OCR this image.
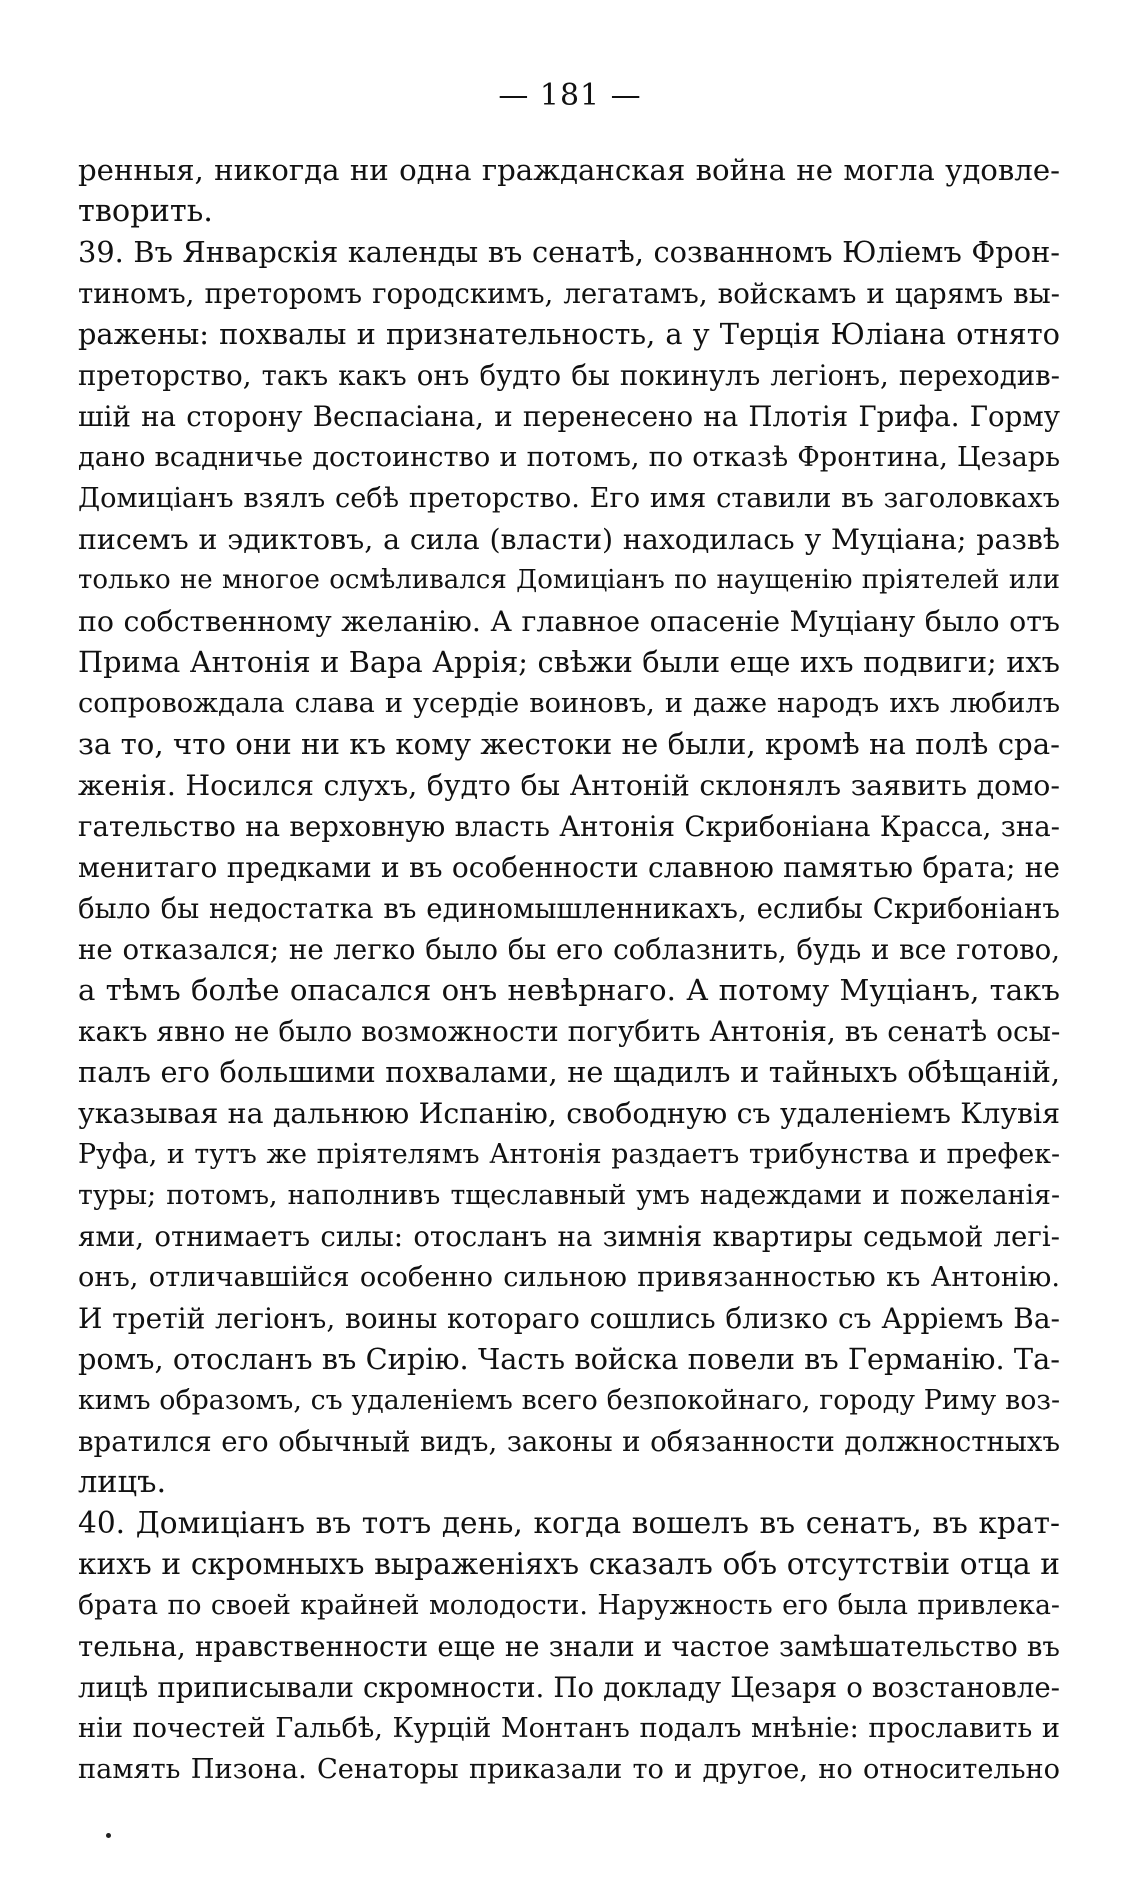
— 181 —
ренныя, никогда ни одна гражданская война не могла удовле-
творить.
39. Въ Январскія календы въ сенатѣ, созванномъ Юліемъ Фрон-
тиномъ, преторомъ городскимъ, легатамъ, войскамъ и царямъ вы-
ражены: похвалы и признательность, а у Терція Юліана отнято
преторство, такъ какъ онъ будто бы покинулъ легіонъ, переходив-
шій на сторону Веспасіана, и перенесено на Плотія Грифа. Горму
дано всадничье достоинство и потомъ, по отказѣ Фронтина, Цезарь
Домиціанъ взялъ себѣ преторство. Его имя ставили въ заголовкахъ
писемъ и эдиктовъ, а сила (власти) находилась у Муціана; развѣ
только не многое осмѣливался Домиціанъ по наущенію пріятелей или
по собственному желанію. А главное опасеніе Муціану было отъ
Прима Антонія и Вара Аррія; свѣжи были еще ихъ подвиги; ихъ
сопровождала слава и усердіе воиновъ, и даже народъ ихъ любилъ
за то, что они ни къ кому жестоки не были, кромѣ на полѣ сра-
женія. Носился слухъ, будто бы Антоній склонялъ заявить домо-
гательство на верховную власть Антонія Скрибоніана Красса, зна-
менитаго предками и въ особенности славною памятью брата; не
было бы недостатка въ единомышленникахъ, еслибы Скрибоніанъ
не отказался; не легко было бы его соблазнить, будь и все готово,
а тѣмъ болѣе опасался онъ невѣрнаго. А потому Муціанъ, такъ
какъ явно не было возможности погубить Антонія, въ сенатѣ осы-
палъ его большими похвалами, не щадилъ и тайныхъ обѣщаній,
указывая на дальнюю Испанію, свободную съ удаленіемъ Клувія
Руфа, и тутъ же пріятелямъ Антонія раздаетъ трибунства и префек-
туры; потомъ, наполнивъ тщеславный умъ надеждами и пожеланія-
ями, отнимаетъ силы: отосланъ на зимнія квартиры седьмой легі-
онъ, отличавшійся особенно сильною привязанностью къ Антонію.
И третій легіонъ, воины котораго сошлись близко съ Арріемъ Ва-
ромъ, отосланъ въ Сирію. Часть войска повели въ Германію. Та-
кимъ образомъ, съ удаленіемъ всего безпокойнаго, городу Риму воз-
вратился его обычный видъ, законы и обязанности должностныхъ
лицъ.
40. Домиціанъ въ тотъ день, когда вошелъ въ сенатъ, въ крат-
кихъ и скромныхъ выраженіяхъ сказалъ объ отсутствіи отца и
брата по своей крайней молодости. Наружность его была привлека-
тельна, нравственности еще не знали и частое замѣшательство въ
лицѣ приписывали скромности. По докладу Цезаря о возстановле-
ніи почестей Гальбѣ, Курцій Монтанъ подалъ мнѣніе: прославить и
память Пизона. Сенаторы приказали то и другое, но относительно
